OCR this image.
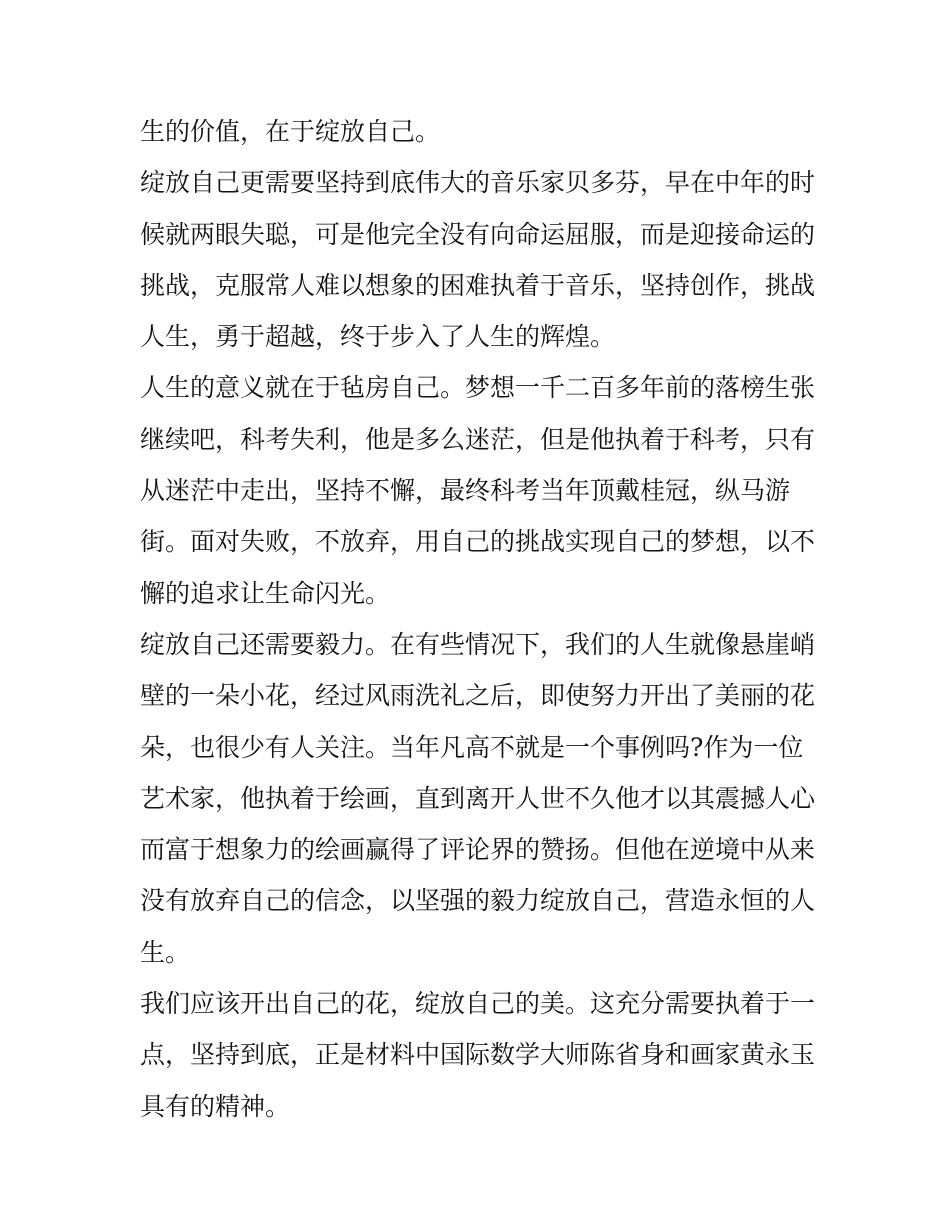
生的价值，在于绽放自己。
绽放自己更需要坚持到底伟大的音乐家贝多芬，早在中年的时
候就两眼失聪，可是他完全没有向命运屈服，而是迎接命运的
挑战，克服常人难以想象的困难执着于音乐，坚持创作，挑战
人生，勇于超越，终于步入了人生的辉煌。
人生的意义就在于毡房自己。梦想一千二百多年前的落榜生张
继续吧，科考失利，他是多么迷茫，但是他执着于科考，只有
从迷茫中走出，坚持不懈，最终科考当年顶戴桂冠，纵马游
街。面对失败，不放弃，用自己的挑战实现自己的梦想，以不
懈的追求让生命闪光。
绽放自己还需要毅力。在有些情况下，我们的人生就像悬崖峭
壁的一朵小花，经过风雨洗礼之后，即使努力开出了美丽的花
朵，也很少有人关注。当年凡高不就是一个事例吗?作为一位
艺术家，他执着于绘画，直到离开人世不久他才以其震撼人心
而富于想象力的绘画赢得了评论界的赞扬。但他在逆境中从来
没有放弃自己的信念，以坚强的毅力绽放自己，营造永恒的人
生。
我们应该开出自己的花，绽放自己的美。这充分需要执着于一
点，坚持到底，正是材料中国际数学大师陈省身和画家黄永玉
具有的精神。
